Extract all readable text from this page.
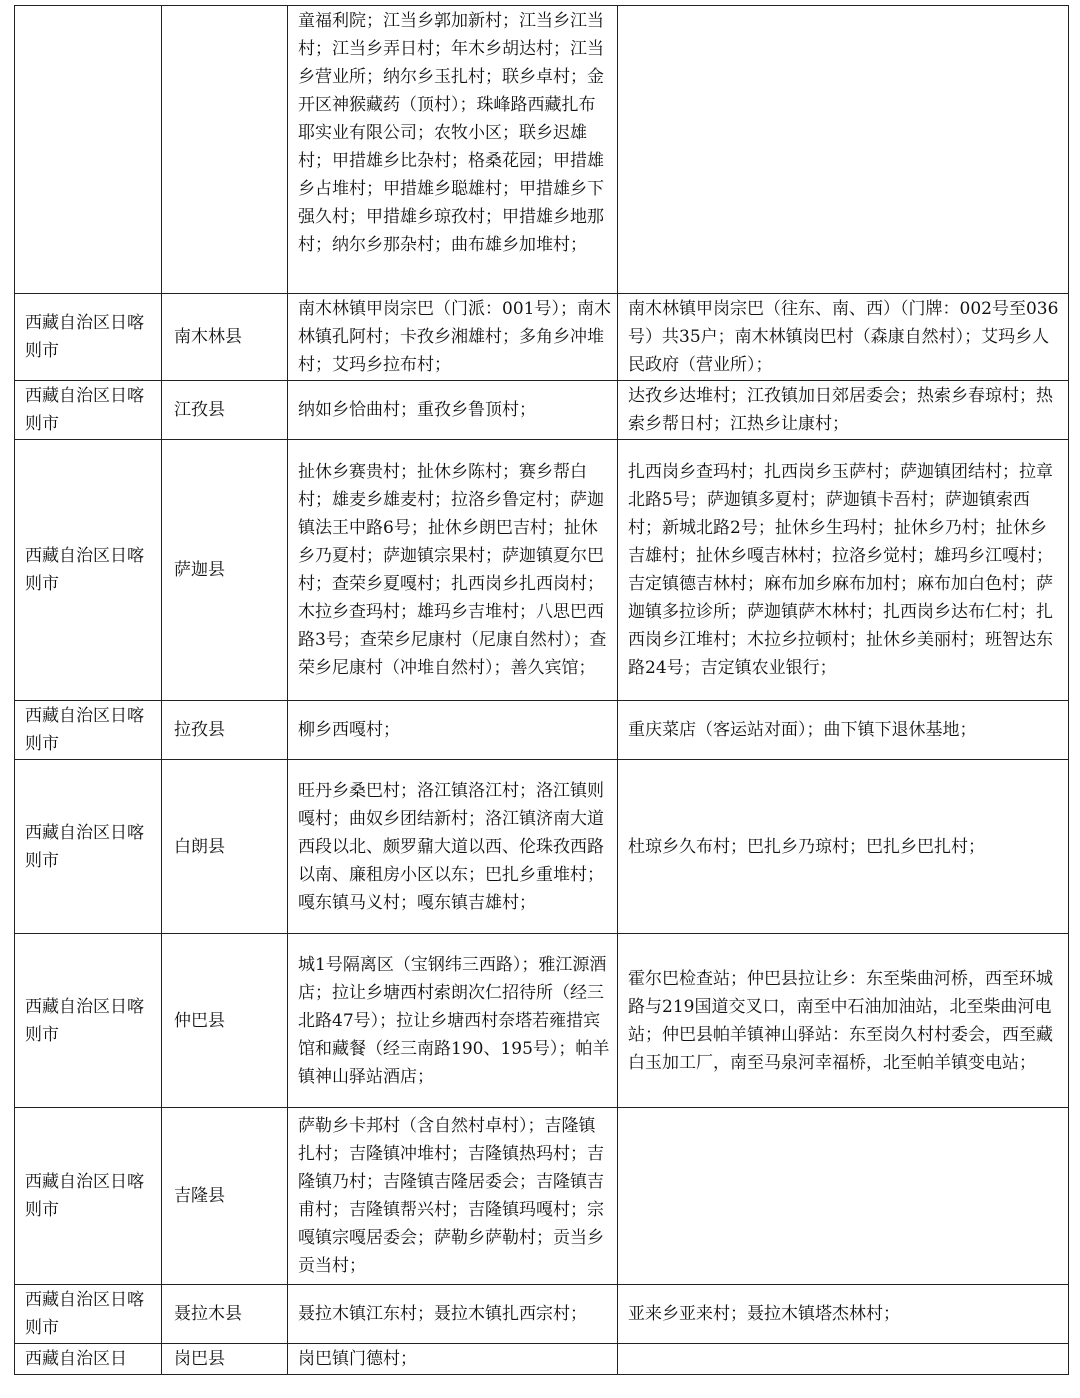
		童福利院；江当乡郭加新村；江当乡江当村；江当乡弄日村；年木乡胡达村；江当乡营业所；纳尔乡玉扎村；联乡卓村；金开区神猴藏药（顶村）；珠峰路西藏扎布耶实业有限公司；农牧小区；联乡迟雄村；甲措雄乡比杂村；格桑花园；甲措雄乡占堆村；甲措雄乡聪雄村；甲措雄乡下强久村；甲措雄乡琼孜村；甲措雄乡地那村；纳尔乡那杂村；曲布雄乡加堆村；	
西藏自治区日喀则市	南木林县	南木林镇甲岗宗巴（门派：001号）；南木林镇孔阿村；卡孜乡湘雄村；多角乡冲堆村；艾玛乡拉布村；	南木林镇甲岗宗巴（往东、南、西）（门牌：002号至036号）共35户；南木林镇岗巴村（森康自然村）；艾玛乡人民政府（营业所）；
西藏自治区日喀则市	江孜县	纳如乡恰曲村；重孜乡鲁顶村；	达孜乡达堆村；江孜镇加日郊居委会；热索乡春琼村；热索乡帮日村；江热乡让康村；
西藏自治区日喀则市	萨迦县	扯休乡赛贵村；扯休乡陈村；赛乡帮白村；雄麦乡雄麦村；拉洛乡鲁定村；萨迦镇法王中路6号；扯休乡朗巴吉村；扯休乡乃夏村；萨迦镇宗果村；萨迦镇夏尔巴村；查荣乡夏嘎村；扎西岗乡扎西岗村；木拉乡查玛村；雄玛乡吉堆村；八思巴西路3号；查荣乡尼康村（尼康自然村）；查荣乡尼康村（冲堆自然村）；善久宾馆；	扎西岗乡查玛村；扎西岗乡玉萨村；萨迦镇团结村；拉章北路5号；萨迦镇多夏村；萨迦镇卡吾村；萨迦镇索西村；新城北路2号；扯休乡生玛村；扯休乡乃村；扯休乡吉雄村；扯休乡嘎吉林村；拉洛乡觉村；雄玛乡江嘎村；吉定镇德吉林村；麻布加乡麻布加村；麻布加白色村；萨迦镇多拉诊所；萨迦镇萨木林村；扎西岗乡达布仁村；扎西岗乡江堆村；木拉乡拉顿村；扯休乡美丽村；班智达东路24号；吉定镇农业银行；
西藏自治区日喀则市	拉孜县	柳乡西嘎村；	重庆菜店（客运站对面）；曲下镇下退休基地；
西藏自治区日喀则市	白朗县	旺丹乡桑巴村；洛江镇洛江村；洛江镇则嘎村；曲奴乡团结新村；洛江镇济南大道西段以北、颇罗鼐大道以西、伦珠孜西路以南、廉租房小区以东；巴扎乡重堆村；嘎东镇马义村；嘎东镇吉雄村；	杜琼乡久布村；巴扎乡乃琼村；巴扎乡巴扎村；
西藏自治区日喀则市	仲巴县	城1号隔离区（宝钢纬三西路）；雅江源酒店；拉让乡塘西村索朗次仁招待所（经三北路47号）；拉让乡塘西村奈塔若雍措宾馆和藏餐（经三南路190、195号）；帕羊镇神山驿站酒店；	霍尔巴检查站；仲巴县拉让乡：东至柴曲河桥，西至环城路与219国道交叉口，南至中石油加油站，北至柴曲河电站；仲巴县帕羊镇神山驿站：东至岗久村村委会，西至藏白玉加工厂，南至马泉河幸福桥，北至帕羊镇变电站；
西藏自治区日喀则市	吉隆县	萨勒乡卡邦村（含自然村卓村）；吉隆镇扎村；吉隆镇冲堆村；吉隆镇热玛村；吉隆镇乃村；吉隆镇吉隆居委会；吉隆镇吉甫村；吉隆镇帮兴村；吉隆镇玛嘎村；宗嘎镇宗嘎居委会；萨勒乡萨勒村；贡当乡贡当村；	
西藏自治区日喀则市	聂拉木县	聂拉木镇江东村；聂拉木镇扎西宗村；	亚来乡亚来村；聂拉木镇塔杰林村；
西藏自治区日	岗巴县	岗巴镇门德村；	
